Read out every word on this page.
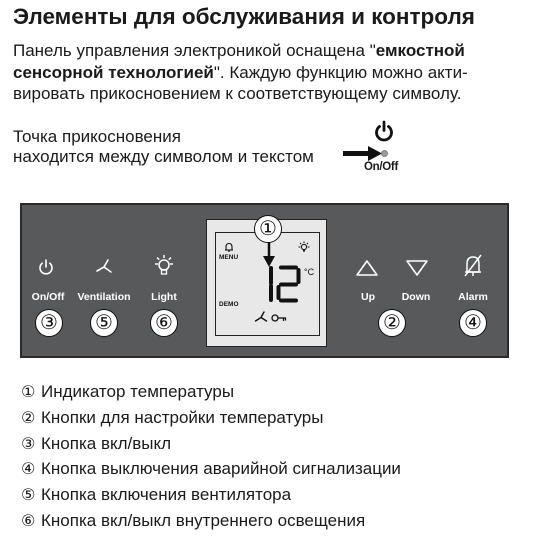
Элементы для обслуживания и контроля
Панель управления электроникой оснащена "емкостной
сенсорной технологией". Каждую функцию можно акти-
вировать прикосновением к соответствующему символу.
Точка прикосновения
находится между символом и текстом
On/Off
On/Off
③
Ventilation
⑤
Light
⑥
MENU
°C
DEMO
①
Up	Down
②
Alarm
④
① Индикатор температуры
② Кнопки для настройки температуры
③ Кнопка вкл/выкл
④ Кнопка выключения аварийной сигнализации
⑤ Кнопка включения вентилятора
⑥ Кнопка вкл/выкл внутреннего освещения
